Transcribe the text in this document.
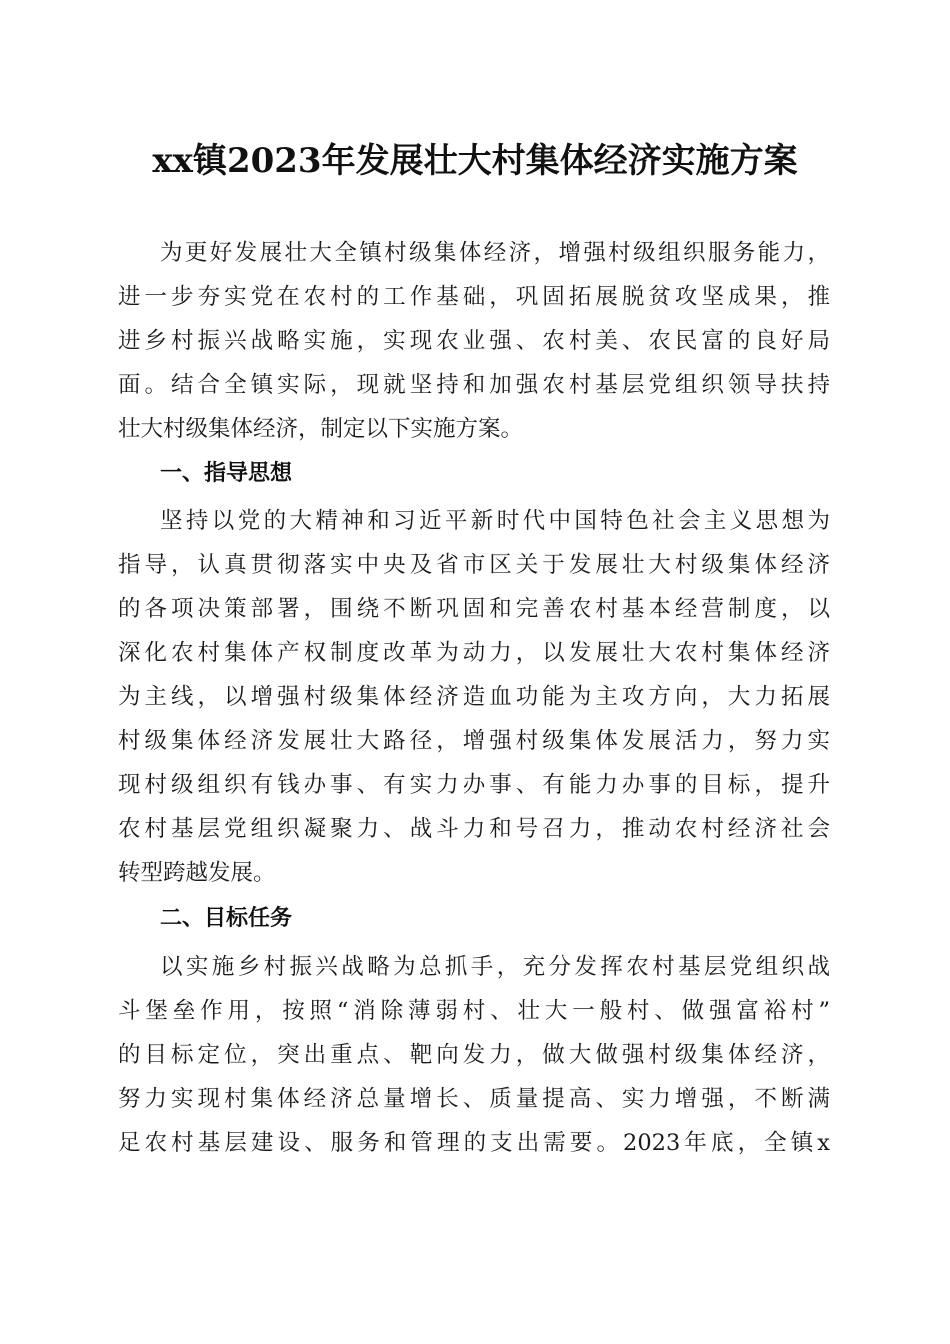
xx镇2023年发展壮大村集体经济实施方案
为更好发展壮大全镇村级集体经济，增强村级组织服务能力，
进一步夯实党在农村的工作基础，巩固拓展脱贫攻坚成果，推
进乡村振兴战略实施，实现农业强、农村美、农民富的良好局
面。结合全镇实际，现就坚持和加强农村基层党组织领导扶持
壮大村级集体经济，制定以下实施方案。
一、指导思想
坚持以党的大精神和习近平新时代中国特色社会主义思想为
指导，认真贯彻落实中央及省市区关于发展壮大村级集体经济
的各项决策部署，围绕不断巩固和完善农村基本经营制度，以
深化农村集体产权制度改革为动力，以发展壮大农村集体经济
为主线，以增强村级集体经济造血功能为主攻方向，大力拓展
村级集体经济发展壮大路径，增强村级集体发展活力，努力实
现村级组织有钱办事、有实力办事、有能力办事的目标，提升
农村基层党组织凝聚力、战斗力和号召力，推动农村经济社会
转型跨越发展。
二、目标任务
以实施乡村振兴战略为总抓手，充分发挥农村基层党组织战
斗堡垒作用，按照“消除薄弱村、壮大一般村、做强富裕村”
的目标定位，突出重点、靶向发力，做大做强村级集体经济，
努力实现村集体经济总量增长、质量提高、实力增强，不断满
足农村基层建设、服务和管理的支出需要。2023年底，全镇x
